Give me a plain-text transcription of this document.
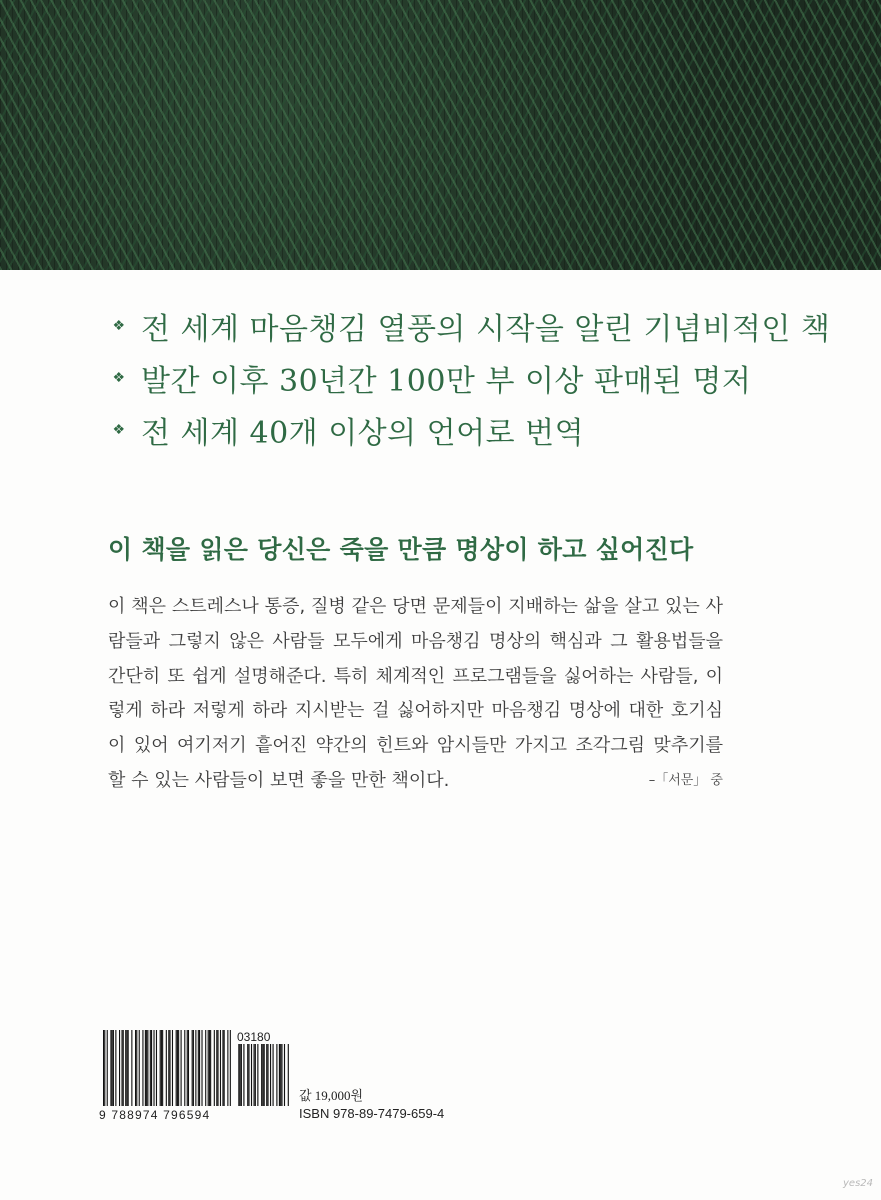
❖ 전 세계 마음챙김 열풍의 시작을 알린 기념비적인 책
❖ 발간 이후 30년간 100만 부 이상 판매된 명저
❖ 전 세계 40개 이상의 언어로 번역
이 책을 읽은 당신은 죽을 만큼 명상이 하고 싶어진다
이 책은 스트레스나 통증, 질병 같은 당면 문제들이 지배하는 삶을 살고 있는 사
람들과 그렇지 않은 사람들 모두에게 마음챙김 명상의 핵심과 그 활용법들을
간단히 또 쉽게 설명해준다. 특히 체계적인 프로그램들을 싫어하는 사람들, 이
렇게 하라 저렇게 하라 지시받는 걸 싫어하지만 마음챙김 명상에 대한 호기심
이 있어 여기저기 흩어진 약간의 힌트와 암시들만 가지고 조각그림 맞추기를
할 수 있는 사람들이 보면 좋을 만한 책이다.	–「서문」 중
03180
9 788974 796594
값 19,000원
ISBN 978-89-7479-659-4
yes24
